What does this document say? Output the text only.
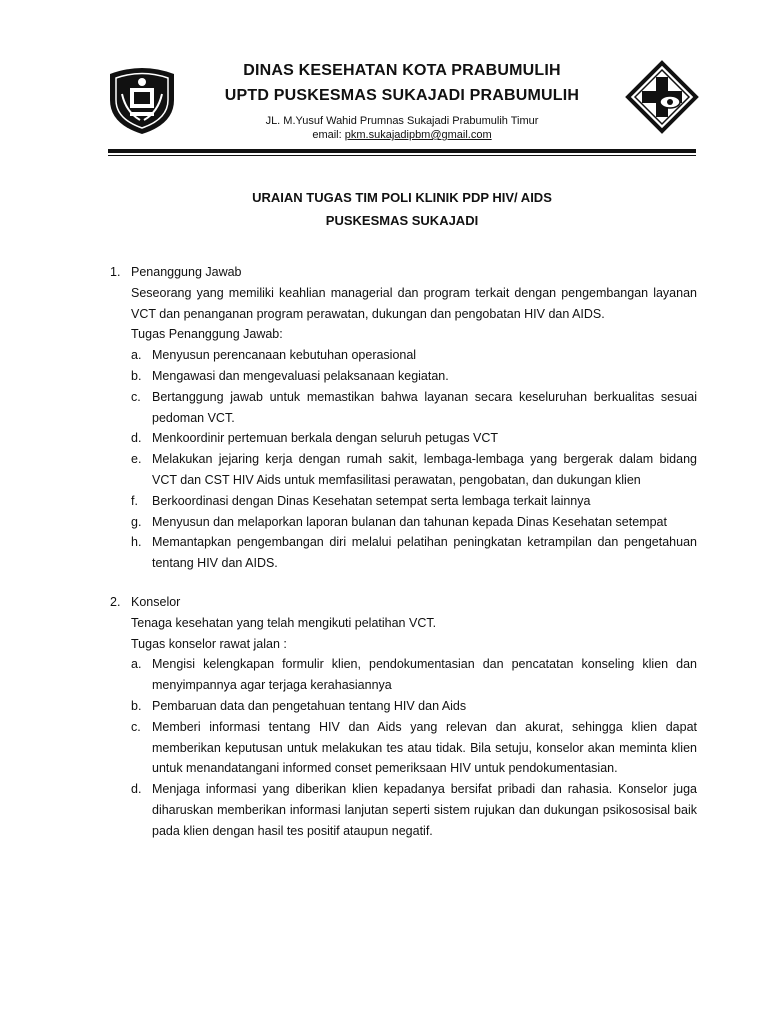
DINAS KESEHATAN KOTA PRABUMULIH
UPTD PUSKESMAS SUKAJADI PRABUMULIH
JL. M.Yusuf Wahid Prumnas Sukajadi Prabumulih Timur
email: pkm.sukajadipbm@gmail.com
URAIAN TUGAS TIM POLI KLINIK PDP HIV/ AIDS
PUSKESMAS SUKAJADI
1. Penanggung Jawab
Seseorang yang memiliki keahlian managerial dan program terkait dengan pengembangan layanan VCT dan penanganan program perawatan, dukungan dan pengobatan HIV dan AIDS.
Tugas Penanggung Jawab:
a. Menyusun perencanaan kebutuhan operasional
b. Mengawasi dan mengevaluasi pelaksanaan kegiatan.
c. Bertanggung jawab untuk memastikan bahwa layanan secara keseluruhan berkualitas sesuai pedoman VCT.
d. Menkoordinir pertemuan berkala dengan seluruh petugas VCT
e. Melakukan jejaring kerja dengan rumah sakit, lembaga-lembaga yang bergerak dalam bidang VCT dan CST HIV Aids untuk memfasilitasi perawatan, pengobatan, dan dukungan klien
f.	Berkoordinasi dengan Dinas Kesehatan setempat serta lembaga terkait lainnya
g. Menyusun dan melaporkan laporan bulanan dan tahunan kepada Dinas Kesehatan setempat
h. Memantapkan pengembangan diri melalui pelatihan peningkatan ketrampilan dan pengetahuan tentang HIV dan AIDS.
2. Konselor
Tenaga kesehatan yang telah mengikuti pelatihan VCT.
Tugas konselor rawat jalan :
a. Mengisi kelengkapan formulir klien, pendokumentasian dan pencatatan konseling klien dan menyimpannya agar terjaga kerahasiannya
b. Pembaruan data dan pengetahuan tentang HIV dan Aids
c. Memberi informasi tentang HIV dan Aids yang relevan dan akurat, sehingga klien dapat memberikan keputusan untuk melakukan tes atau tidak. Bila setuju, konselor akan meminta klien untuk menandatangani informed conset pemeriksaan HIV untuk pendokumentasian.
d. Menjaga informasi yang diberikan klien kepadanya bersifat pribadi dan rahasia. Konselor juga diharuskan memberikan informasi lanjutan seperti sistem rujukan dan dukungan psikososisal baik pada klien dengan hasil tes positif ataupun negatif.
